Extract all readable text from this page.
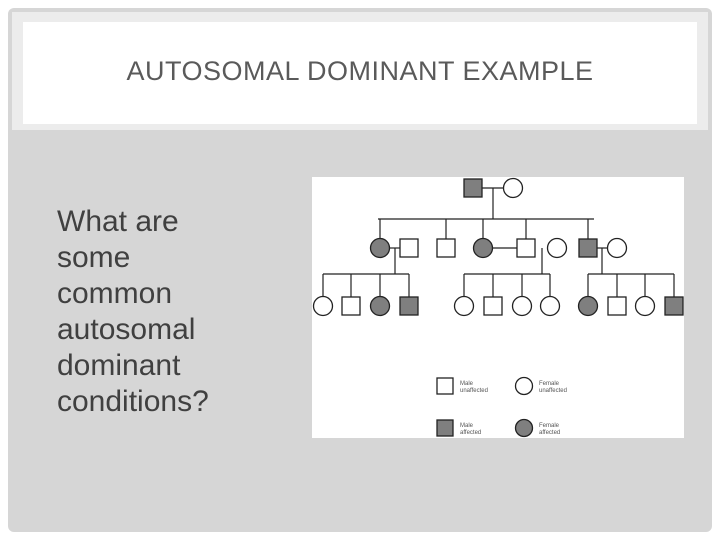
AUTOSOMAL DOMINANT EXAMPLE
What are
some
common
autosomal
dominant
conditions?
Male
unaffected
Female
unaffected
Male
affected
Female
affected
